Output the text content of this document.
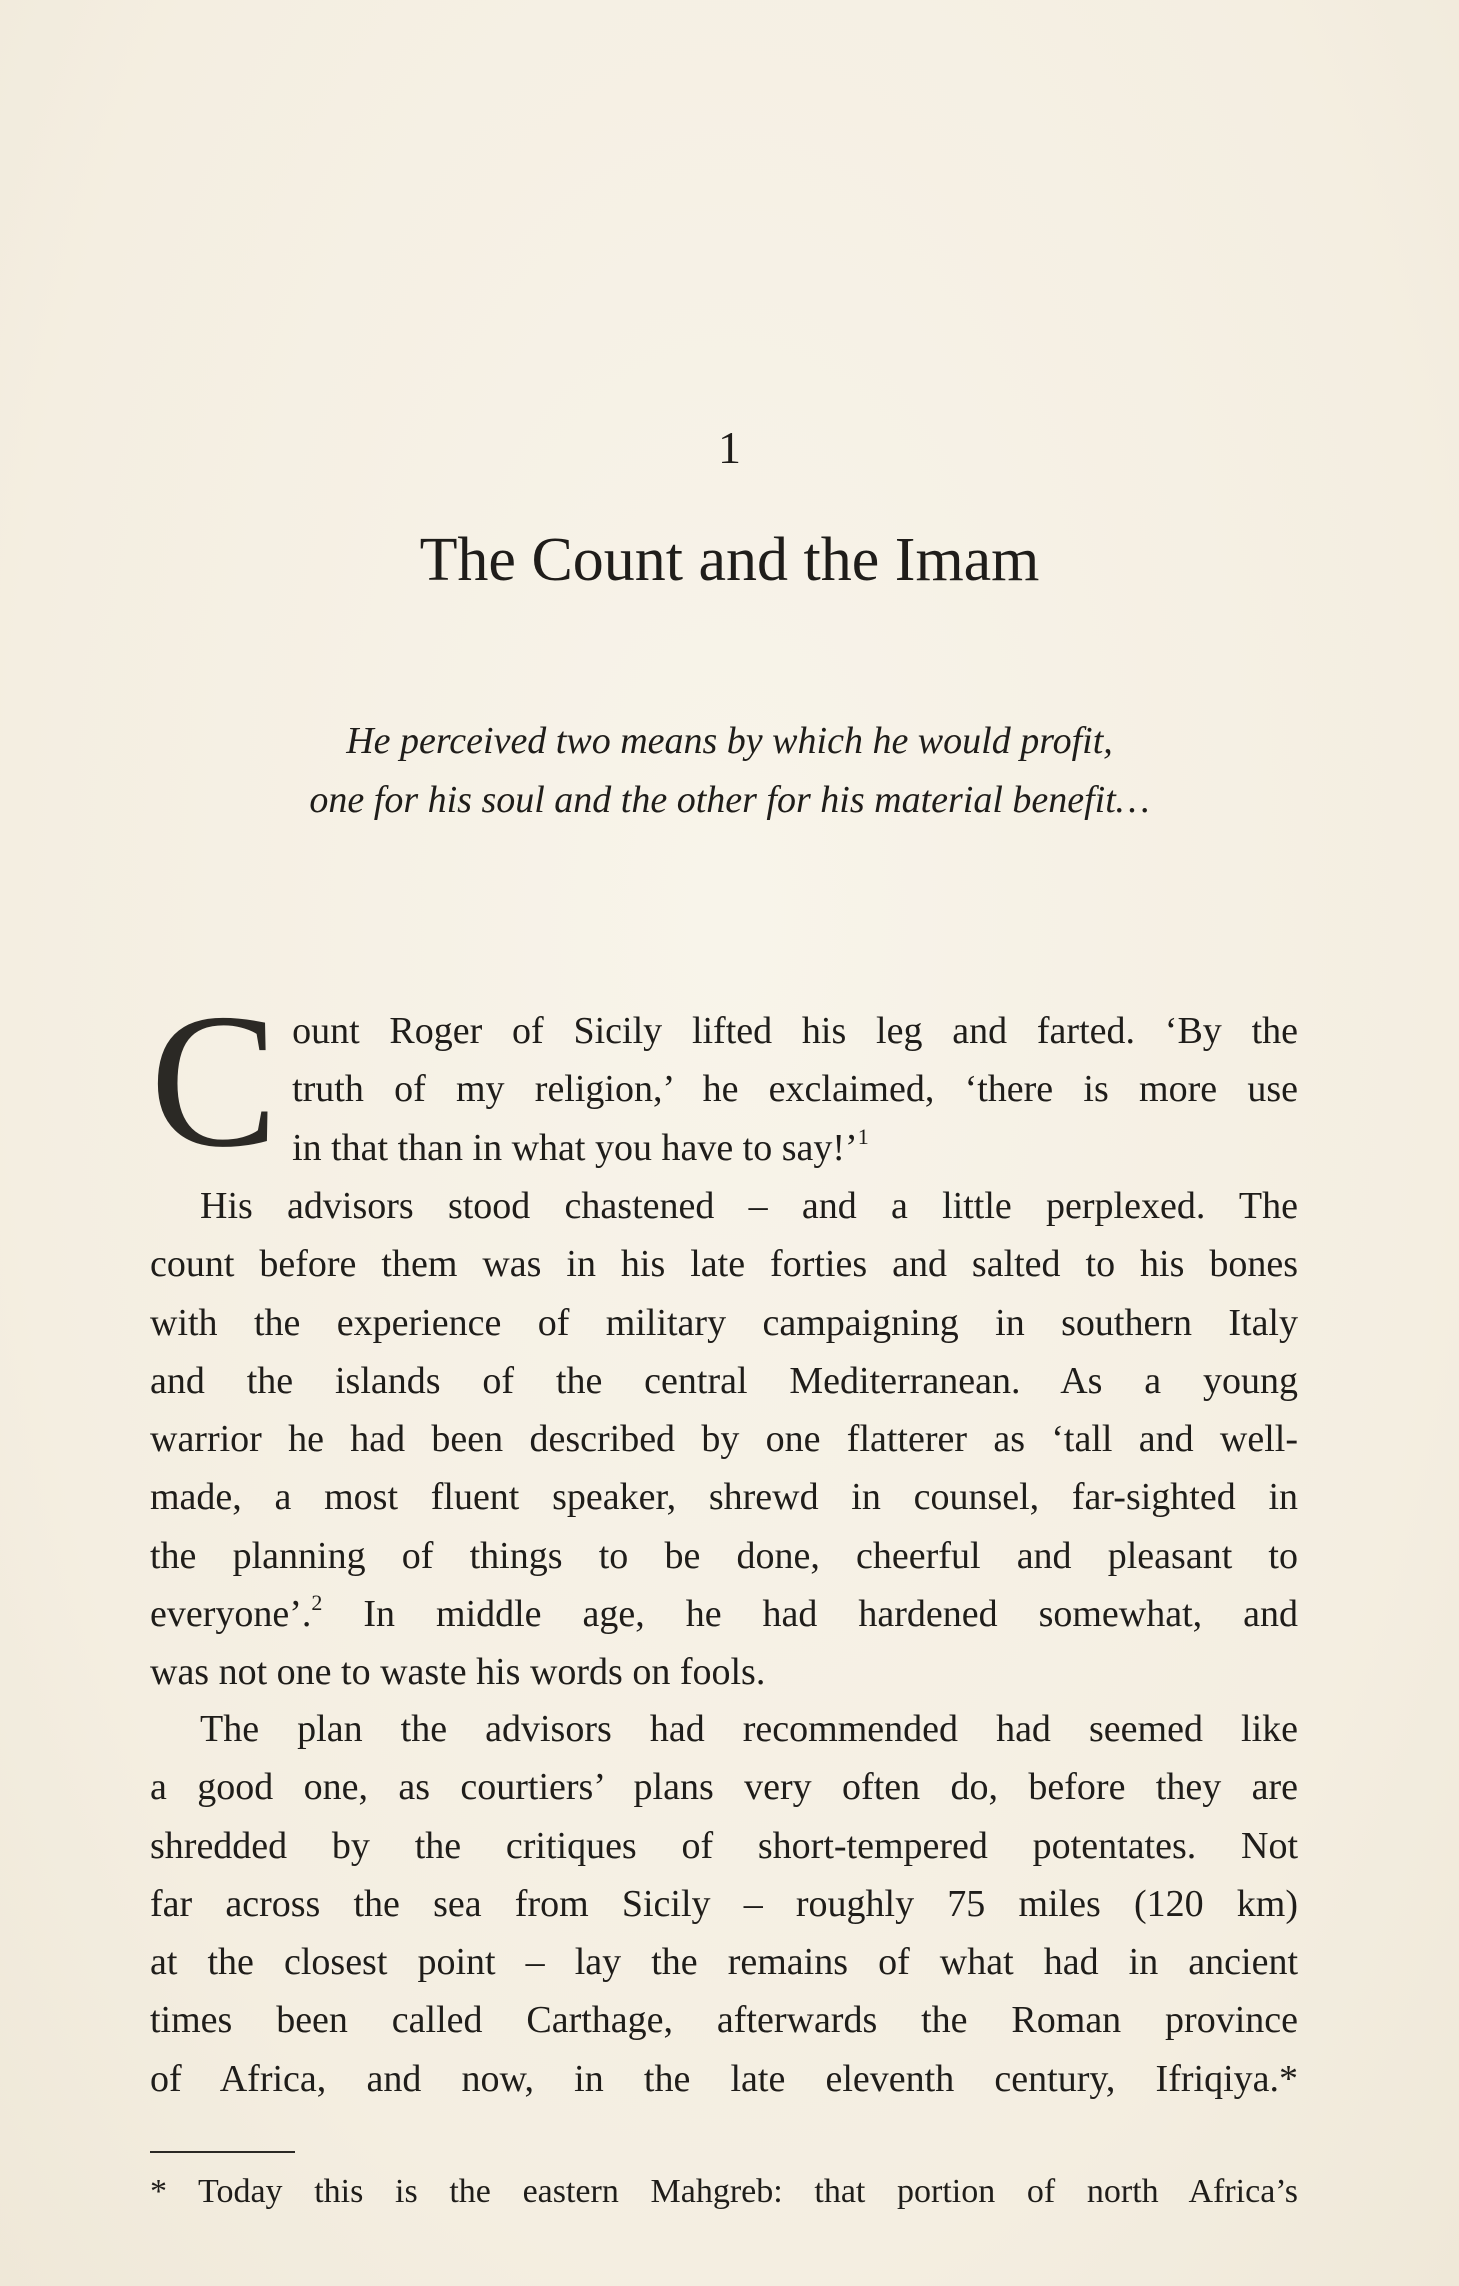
1
The Count and the Imam
He perceived two means by which he would profit,
one for his soul and the other for his material benefit…
C ount Roger of Sicily lifted his leg and farted. ‘By the
truth of my religion,’ he exclaimed, ‘there is more use
in that than in what you have to say!’$^1$
His advisors stood chastened – and a little perplexed. The
count before them was in his late forties and salted to his bones
with the experience of military campaigning in southern Italy
and the islands of the central Mediterranean. As a young
warrior he had been described by one flatterer as ‘tall and well-
made, a most fluent speaker, shrewd in counsel, far-sighted in
the planning of things to be done, cheerful and pleasant to
everyone’.$^2$ In middle age, he had hardened somewhat, and
was not one to waste his words on fools.
The plan the advisors had recommended had seemed like
a good one, as courtiers’ plans very often do, before they are
shredded by the critiques of short-tempered potentates. Not
far across the sea from Sicily – roughly 75 miles (120 km)
at the closest point – lay the remains of what had in ancient
times been called Carthage, afterwards the Roman province
of Africa, and now, in the late eleventh century, Ifriqiya.*
* Today this is the eastern Mahgreb: that portion of north Africa’s
